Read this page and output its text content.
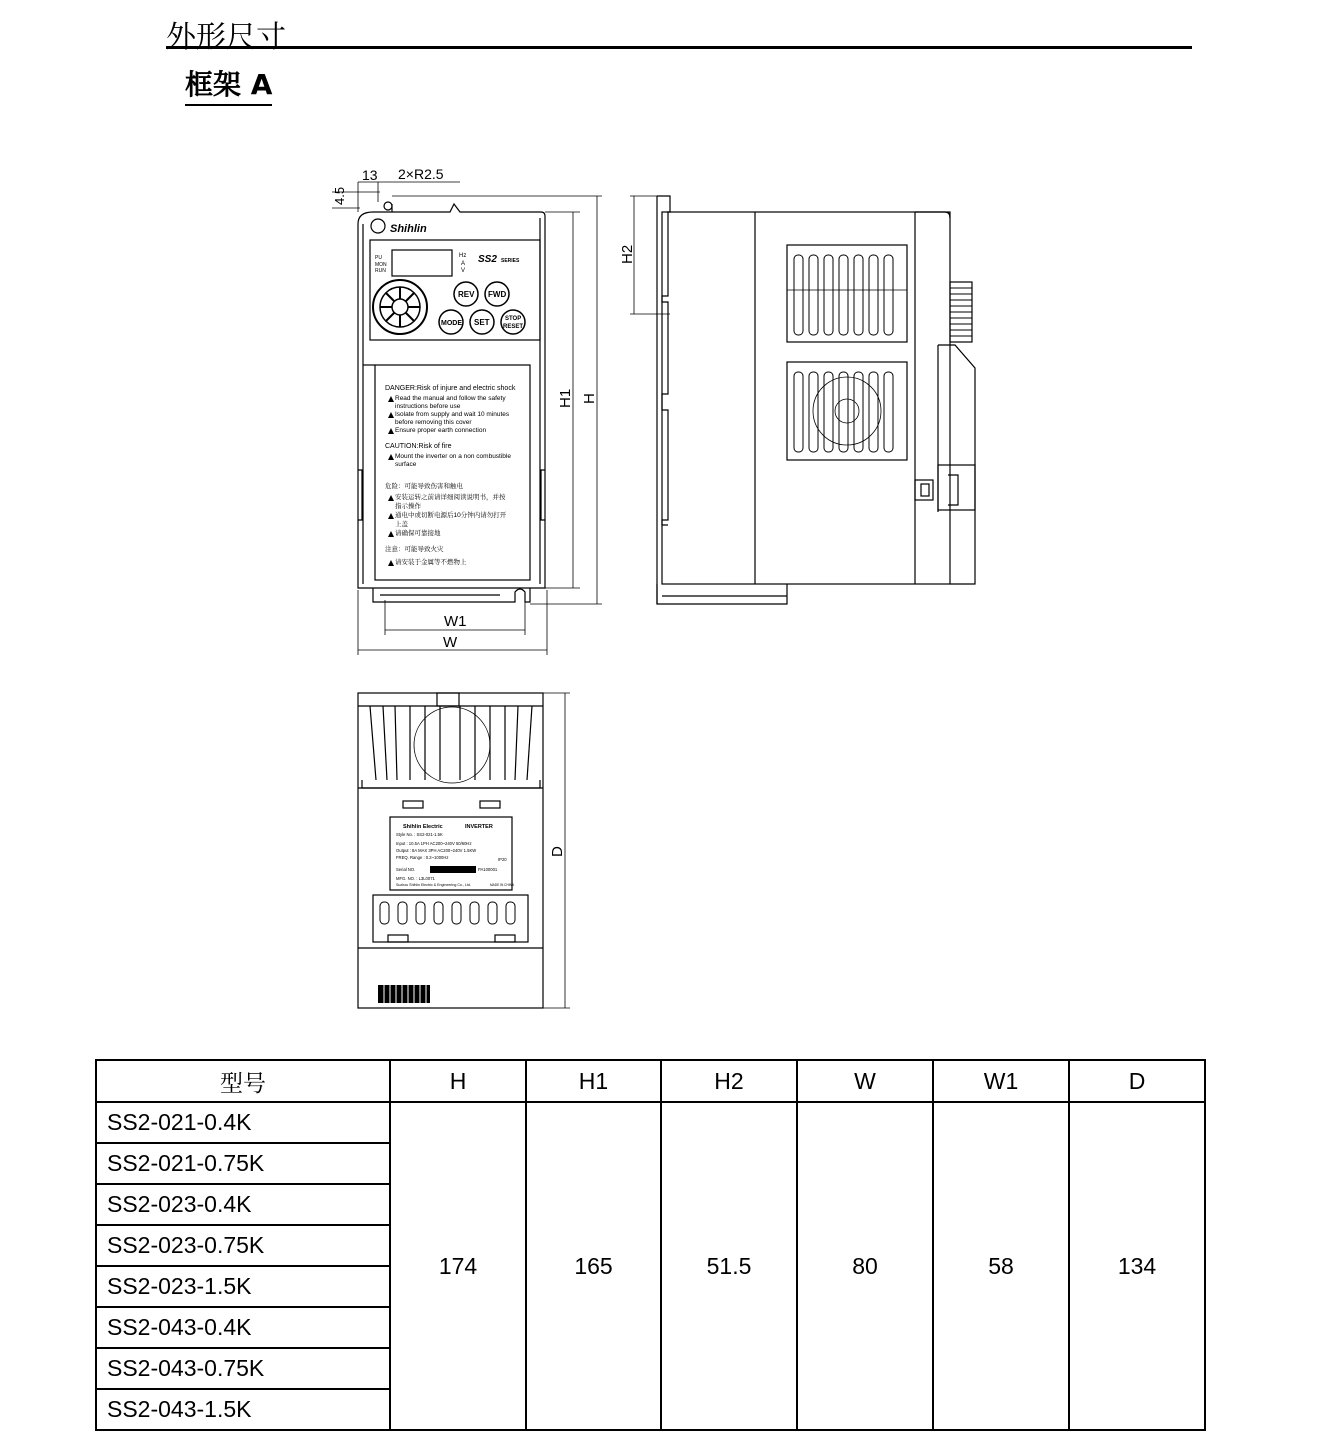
外形尺寸
框架 A
13 2×R2.5
4.5
Shihlin
PU
MON
RUN
Hz
A
V
SS2 SERIES
REV FWD
MODE SET	STOP
RESET
DANGER:Risk of injure and electric shock
Read the manual and follow the safety
instructions before use
Isolate from supply and wait 10 minutes
before removing this cover
Ensure proper earth connection
CAUTION:Risk of fire
Mount the inverter on a non combustible
surface
危险：可能导致伤害和触电
安装运转之前请详细阅读说明书，并按
指示操作
通电中或切断电源后10分钟内请勿打开
上盖
请确保可靠接地
注意：可能导致火灾
请安装于金属等不燃物上
H1 H
W1
W
H2
D
Shihlin Electric	INVERTER
Style No. : SS2-021-1.5K
Input : 10.5A 1PH AC200~240V 50/60Hz
Output : 8A MAX 3PH AC200~240V 1.5KW
FREQ. Range : 0.2~1000Hz	IP20
Serial NO.	PA100001
MFG. NO. : L3L0071
Suzhou Shihlin Electric & Engineering Co., Ltd.	MADE IN CHINA
型号	H	H1	H2	W	W1	D
SS2-021-0.4K	174	165	51.5	80	58	134
SS2-021-0.75K						
SS2-023-0.4K						
SS2-023-0.75K						
SS2-023-1.5K						
SS2-043-0.4K						
SS2-043-0.75K						
SS2-043-1.5K						
